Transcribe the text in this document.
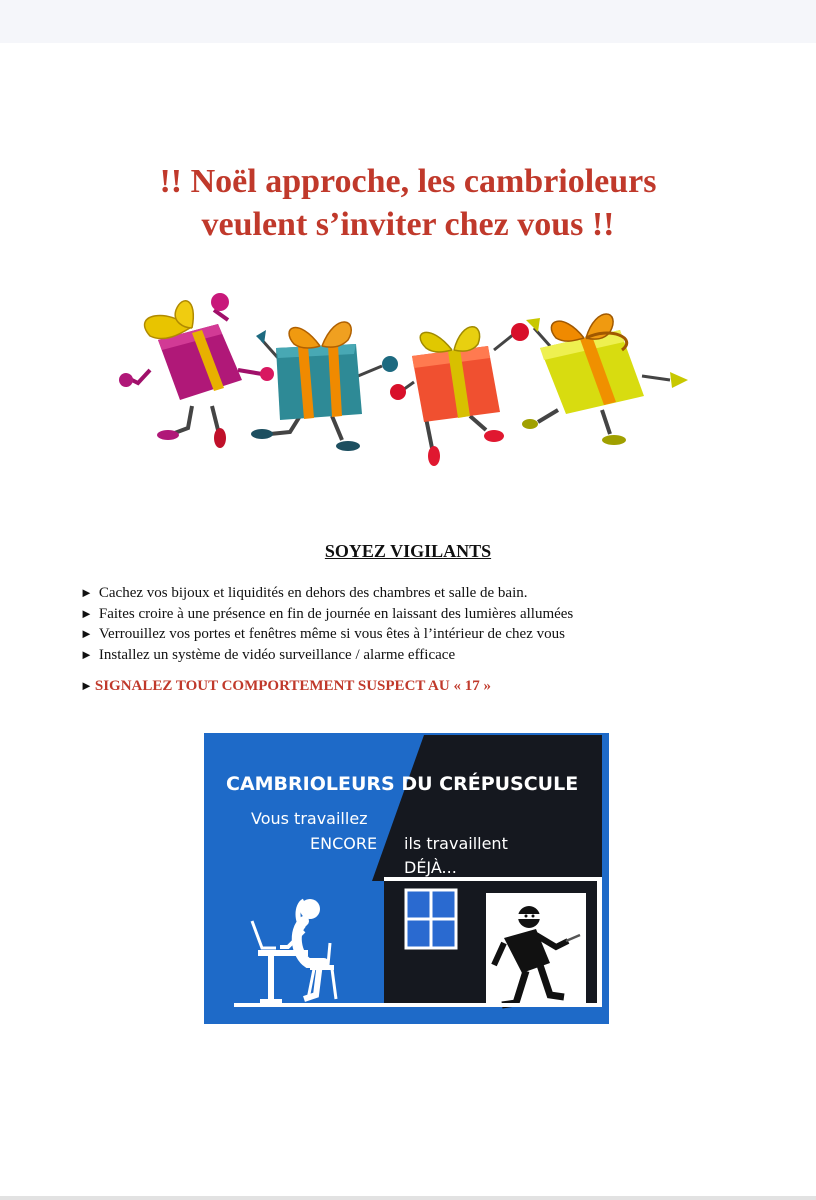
!! Noël approche, les cambrioleurs
veulent s’inviter chez vous !!
SOYEZ VIGILANTS
► Cachez vos bijoux et liquidités en dehors des chambres et salle de bain.
► Faites croire à une présence en fin de journée en laissant des lumières allumées
► Verrouillez vos portes et fenêtres même si vous êtes à l’intérieur de chez vous
► Installez un système de vidéo surveillance / alarme efficace
► SIGNALEZ TOUT COMPORTEMENT SUSPECT AU « 17 »
CAMBRIOLEURS DU CRÉPUSCULE
Vous travaillez
ENCORE ils travaillent
DÉJÀ...
